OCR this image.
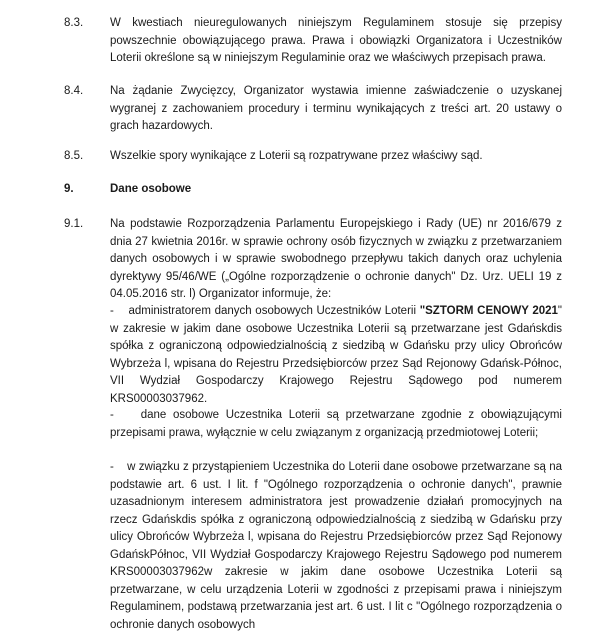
8.3. W kwestiach nieuregulowanych niniejszym Regulaminem stosuje się przepisy powszechnie obowiązującego prawa. Prawa i obowiązki Organizatora i Uczestników Loterii określone są w niniejszym Regulaminie oraz we właściwych przepisach prawa.
8.4. Na żądanie Zwycięzcy, Organizator wystawia imienne zaświadczenie o uzyskanej wygranej z zachowaniem procedury i terminu wynikających z treści art. 20 ustawy o grach hazardowych.
8.5. Wszelkie spory wynikające z Loterii są rozpatrywane przez właściwy sąd.
9.	Dane osobowe
9.1. Na podstawie Rozporządzenia Parlamentu Europejskiego i Rady (UE) nr 2016/679 z dnia 27 kwietnia 2016r. w sprawie ochrony osób fizycznych w związku z przetwarzaniem danych osobowych i w sprawie swobodnego przepływu takich danych oraz uchylenia dyrektywy 95/46/WE („Ogólne rozporządzenie o ochronie danych" Dz. Urz. UELI 19 z 04.05.2016 str. l) Organizator informuje, że:
- administratorem danych osobowych Uczestników Loterii "SZTORM CENOWY 2021" w zakresie w jakim dane osobowe Uczestnika Loterii są przetwarzane jest Gdańskdis spółka z ograniczoną odpowiedzialnością z siedzibą w Gdańsku przy ulicy Obrońców Wybrzeża l, wpisana do Rejestru Przedsiębiorców przez Sąd Rejonowy Gdańsk-Północ, VII Wydział Gospodarczy Krajowego Rejestru Sądowego pod numerem KRS00003037962.
- dane osobowe Uczestnika Loterii są przetwarzane zgodnie z obowiązującymi przepisami prawa, wyłącznie w celu związanym z organizacją przedmiotowej Loterii;
- w związku z przystąpieniem Uczestnika do Loterii dane osobowe przetwarzane są na podstawie art. 6 ust. I lit. f "Ogólnego rozporządzenia o ochronie danych", prawnie uzasadnionym interesem administratora jest prowadzenie działań promocyjnych na rzecz Gdańskdis spółka z ograniczoną odpowiedzialnością z siedzibą w Gdańsku przy ulicy Obrońców Wybrzeża l, wpisana do Rejestru Przedsiębiorców przez Sąd Rejonowy GdańskPółnoc, VII Wydział Gospodarczy Krajowego Rejestru Sądowego pod numerem KRS00003037962w zakresie w jakim dane osobowe Uczestnika Loterii są przetwarzane, w celu urządzenia Loterii w zgodności z przepisami prawa i niniejszym Regulaminem, podstawą przetwarzania jest art. 6 ust. I lit c "Ogólnego rozporządzenia o ochronie danych osobowych
